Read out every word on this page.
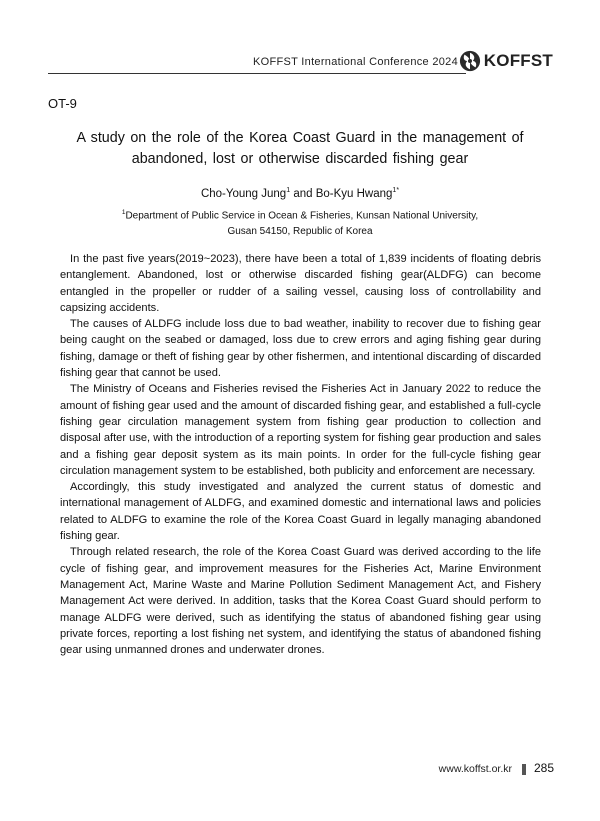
KOFFST International Conference 2024 KOFFST
OT-9
A study on the role of the Korea Coast Guard in the management of
abandoned, lost or otherwise discarded fishing gear
Cho-Young Jung$^1$ and Bo-Kyu Hwang$^{1*}$
$^1$Department of Public Service in Ocean & Fisheries, Kunsan National University,
Gusan 54150, Republic of Korea

In the past five years(2019~2023), there have been a total of 1,839 incidents of floating debris entanglement. Abandoned, lost or otherwise discarded fishing gear(ALDFG) can become entangled in the propeller or rudder of a sailing vessel, causing loss of controllability and capsizing accidents.

The causes of ALDFG include loss due to bad weather, inability to recover due to fishing gear being caught on the seabed or damaged, loss due to crew errors and aging fishing gear during fishing, damage or theft of fishing gear by other fishermen, and intentional discarding of discarded fishing gear that cannot be used.

The Ministry of Oceans and Fisheries revised the Fisheries Act in January 2022 to reduce the amount of fishing gear used and the amount of discarded fishing gear, and established a full-cycle fishing gear circulation management system from fishing gear production to collection and disposal after use, with the introduction of a reporting system for fishing gear production and sales and a fishing gear deposit system as its main points. In order for the full-cycle fishing gear circulation management system to be established, both publicity and enforcement are necessary.

Accordingly, this study investigated and analyzed the current status of domestic and international management of ALDFG, and examined domestic and international laws and policies related to ALDFG to examine the role of the Korea Coast Guard in legally managing abandoned fishing gear.

Through related research, the role of the Korea Coast Guard was derived according to the life cycle of fishing gear, and improvement measures for the Fisheries Act, Marine Environment Management Act, Marine Waste and Marine Pollution Sediment Management Act, and Fishery Management Act were derived. In addition, tasks that the Korea Coast Guard should perform to manage ALDFG were derived, such as identifying the status of abandoned fishing gear using private forces, reporting a lost fishing net system, and identifying the status of abandoned fishing gear using unmanned drones and underwater drones.

www.koffst.or.kr 285
